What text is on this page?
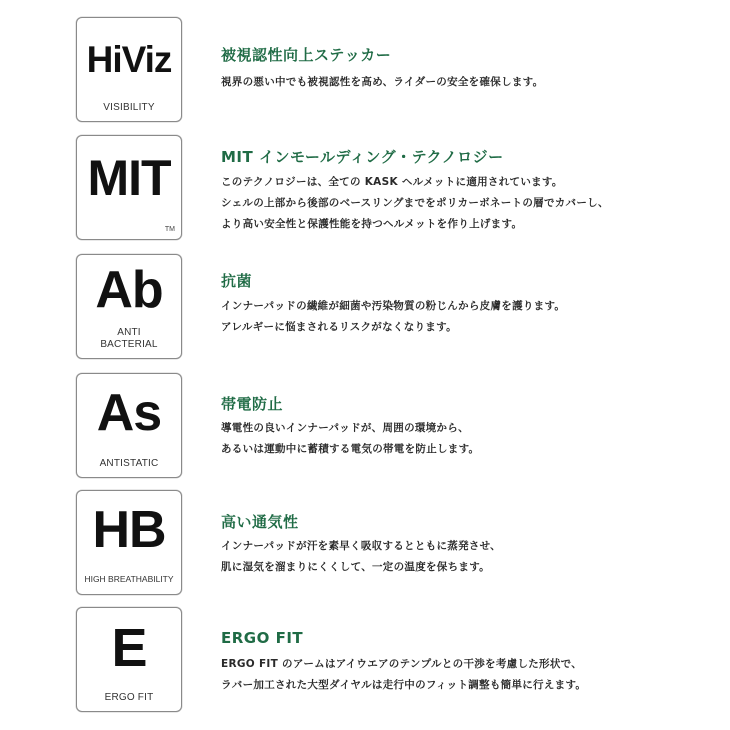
HiViz
VISIBILITY
被視認性向上ステッカー
視界の悪い中でも被視認性を高め、ライダーの安全を確保します。
MIT
TM
MIT インモールディング・テクノロジー
このテクノロジーは、全ての KASK ヘルメットに適用されています。
シェルの上部から後部のベースリングまでをポリカーボネートの層でカバーし、
より高い安全性と保護性能を持つヘルメットを作り上げます。
Ab
ANTI
BACTERIAL
抗菌
インナーパッドの繊維が細菌や汚染物質の粉じんから皮膚を護ります。
アレルギーに悩まされるリスクがなくなります。
As
ANTISTATIC
帯電防止
導電性の良いインナーパッドが、周囲の環境から、
あるいは運動中に蓄積する電気の帯電を防止します。
HB
HIGH BREATHABILITY
高い通気性
インナーパッドが汗を素早く吸収するとともに蒸発させ、
肌に湿気を溜まりにくくして、一定の温度を保ちます。
E
ERGO FIT
ERGO FIT
ERGO FIT のアームはアイウエアのテンプルとの干渉を考慮した形状で、
ラバー加工された大型ダイヤルは走行中のフィット調整も簡単に行えます。
